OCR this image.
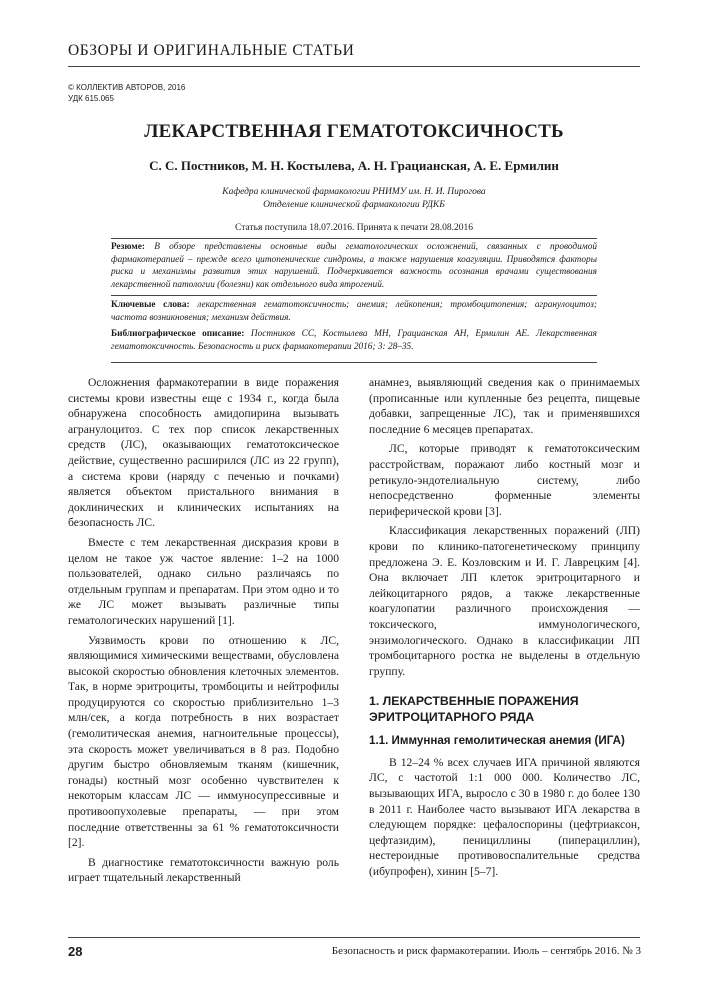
ОБЗОРЫ И ОРИГИНАЛЬНЫЕ СТАТЬИ
© КОЛЛЕКТИВ АВТОРОВ, 2016
УДК 615.065
ЛЕКАРСТВЕННАЯ ГЕМАТОТОКСИЧНОСТЬ
С. С. Постников, М. Н. Костылева, А. Н. Грацианская, А. Е. Ермилин
Кафедра клинической фармакологии РНИМУ им. Н. И. Пирогова
Отделение клинической фармакологии РДКБ
Статья поступила 18.07.2016. Принята к печати 28.08.2016

Резюме: В обзоре представлены основные виды гематологических осложнений, связанных с проводимой фармакотерапией – прежде всего цитопенические синдромы, а также нарушения коагуляции. Приводятся факторы риска и механизмы развития этих нарушений. Подчеркивается важность осознания врачами существования лекарственной патологии (болезни) как отдельного вида ятрогений.

Ключевые слова: лекарственная гематотоксичность; анемия; лейкопения; тромбоцитопения; агранулоцитоз; частота возникновения; механизм действия.

Библиографическое описание: Постников СС, Костылева МН, Грацианская АН, Ермилин АЕ. Лекарственная гематотоксичность. Безопасность и риск фармакотерапии 2016; 3: 28–35.

Осложнения фармакотерапии в виде поражения системы крови известны еще с 1934 г., когда была обнаружена способность амидопирина вызывать агранулоцитоз. С тех пор список лекарственных средств (ЛС), оказывающих гематотоксическое действие, существенно расширился (ЛС из 22 групп), а система крови (наряду с печенью и почками) является объектом пристального внимания в доклинических и клинических испытаниях на безопасность ЛС.

Вместе с тем лекарственная дискразия крови в целом не такое уж частое явление: 1–2 на 1000 пользователей, однако сильно различаясь по отдельным группам и препаратам. При этом одно и то же ЛС может вызывать различные типы гематологических нарушений [1].

Уязвимость крови по отношению к ЛС, являющимися химическими веществами, обусловлена высокой скоростью обновления клеточных элементов. Так, в норме эритроциты, тромбоциты и нейтрофилы продуцируются со скоростью приблизительно 1–3 млн/сек, а когда потребность в них возрастает (гемолитическая анемия, нагноительные процессы), эта скорость может увеличиваться в 8 раз. Подобно другим быстро обновляемым тканям (кишечник, гонады) костный мозг особенно чувствителен к некоторым классам ЛС — иммуносупрессивные и противоопухолевые препараты, — при этом последние ответственны за 61 % гематотоксичности [2].

В диагностике гематотоксичности важную роль играет тщательный лекарственный

анамнез, выявляющий сведения как о принимаемых (прописанные или купленные без рецепта, пищевые добавки, запрещенные ЛС), так и применявшихся последние 6 месяцев препаратах.

ЛС, которые приводят к гематотоксическим расстройствам, поражают либо костный мозг и ретикуло-эндотелиальную систему, либо непосредственно форменные элементы периферической крови [3].

Классификация лекарственных поражений (ЛП) крови по клинико-патогенетическому принципу предложена Э. Е. Козловским и И. Г. Лаврецким [4]. Она включает ЛП клеток эритроцитарного и лейкоцитарного рядов, а также лекарственные коагулопатии различного происхождения — токсического, иммунологического, энзимологического. Однако в классификации ЛП тромбоцитарного ростка не выделены в отдельную группу.

1. ЛЕКАРСТВЕННЫЕ ПОРАЖЕНИЯ ЭРИТРОЦИТАРНОГО РЯДА
1.1. Иммунная гемолитическая анемия (ИГА)

В 12–24 % всех случаев ИГА причиной являются ЛС, с частотой 1:1 000 000. Количество ЛС, вызывающих ИГА, выросло с 30 в 1980 г. до более 130 в 2011 г. Наиболее часто вызывают ИГА лекарства в следующем порядке: цефалоспорины (цефтриаксон, цефтазидим), пенициллины (пиперациллин), нестероидные противовоспалительные средства (ибупрофен), хинин [5–7].

28	Безопасность и риск фармакотерапии. Июль – сентябрь 2016. № 3
